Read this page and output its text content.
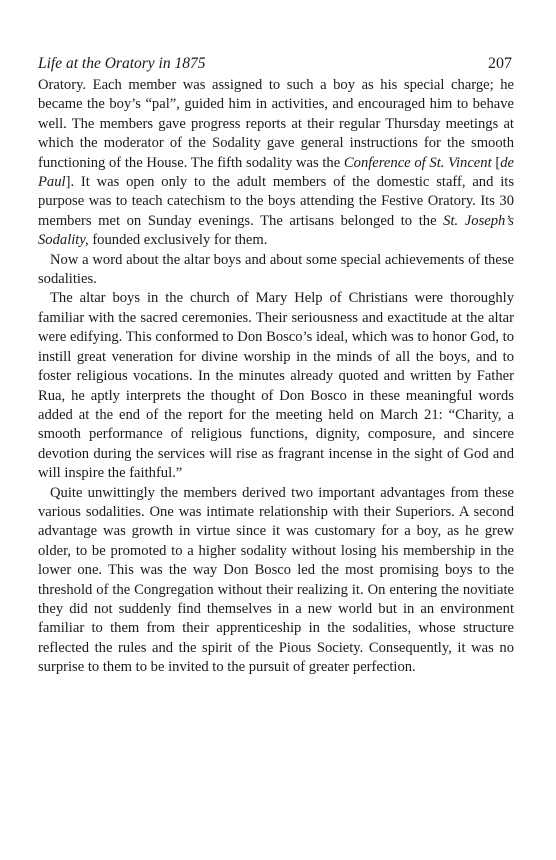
Life at the Oratory in 1875	207

Oratory. Each member was assigned to such a boy as his special charge; he became the boy’s “pal”, guided him in activities, and encouraged him to behave well. The members gave progress reports at their regular Thursday meetings at which the moderator of the Sodality gave general instructions for the smooth functioning of the House. The fifth sodality was the Conference of St. Vincent [de Paul]. It was open only to the adult members of the domestic staff, and its purpose was to teach catechism to the boys attending the Festive Oratory. Its 30 members met on Sunday evenings. The artisans belonged to the St. Joseph’s Sodality, founded exclusively for them.

Now a word about the altar boys and about some special achievements of these sodalities.

The altar boys in the church of Mary Help of Christians were thoroughly familiar with the sacred ceremonies. Their seriousness and exactitude at the altar were edifying. This conformed to Don Bosco’s ideal, which was to honor God, to instill great veneration for divine worship in the minds of all the boys, and to foster religious vocations. In the minutes already quoted and written by Father Rua, he aptly interprets the thought of Don Bosco in these meaningful words added at the end of the report for the meeting held on March 21: “Charity, a smooth performance of religious functions, dignity, composure, and sincere devotion during the services will rise as fragrant incense in the sight of God and will inspire the faithful.”

Quite unwittingly the members derived two important advantages from these various sodalities. One was intimate relationship with their Superiors. A second advantage was growth in virtue since it was customary for a boy, as he grew older, to be promoted to a higher sodality without losing his membership in the lower one. This was the way Don Bosco led the most promising boys to the threshold of the Congregation without their realizing it. On entering the novitiate they did not suddenly find themselves in a new world but in an environment familiar to them from their apprenticeship in the sodalities, whose structure reflected the rules and the spirit of the Pious Society. Consequently, it was no surprise to them to be invited to the pursuit of greater perfection.
